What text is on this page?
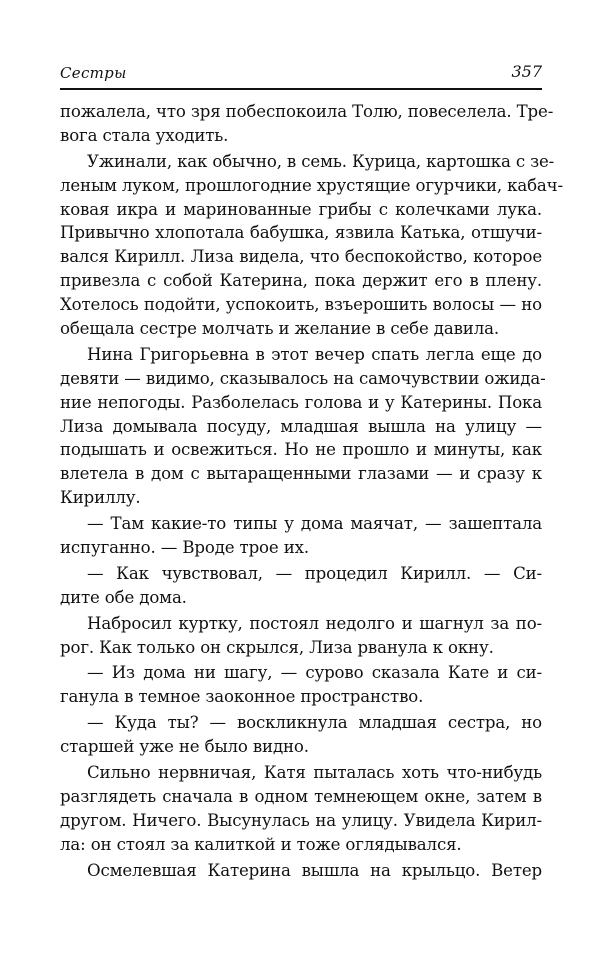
Сестры	357
пожалела, что зря побеспокоила Толю, повеселела. Тре-
вога стала уходить.
Ужинали, как обычно, в семь. Курица, картошка с зе-
леным луком, прошлогодние хрустящие огурчики, кабач-
ковая икра и маринованные грибы с колечками лука.
Привычно хлопотала бабушка, язвила Катька, отшучи-
вался Кирилл. Лиза видела, что беспокойство, которое
привезла с собой Катерина, пока держит его в плену.
Хотелось подойти, успокоить, взъерошить волосы — но
обещала сестре молчать и желание в себе давила.
Нина Григорьевна в этот вечер спать легла еще до
девяти — видимо, сказывалось на самочувствии ожида-
ние непогоды. Разболелась голова и у Катерины. Пока
Лиза домывала посуду, младшая вышла на улицу —
подышать и освежиться. Но не прошло и минуты, как
влетела в дом с вытаращенными глазами — и сразу к
Кириллу.
— Там какие-то типы у дома маячат, — зашептала
испуганно. — Вроде трое их.
— Как чувствовал, — процедил Кирилл. — Си-
дите обе дома.
Набросил куртку, постоял недолго и шагнул за по-
рог. Как только он скрылся, Лиза рванула к окну.
— Из дома ни шагу, — сурово сказала Кате и си-
ганула в темное заоконное пространство.
— Куда ты? — воскликнула младшая сестра, но
старшей уже не было видно.
Сильно нервничая, Катя пыталась хоть что-нибудь
разглядеть сначала в одном темнеющем окне, затем в
другом. Ничего. Высунулась на улицу. Увидела Кирил-
ла: он стоял за калиткой и тоже оглядывался.
Осмелевшая Катерина вышла на крыльцо. Ветер
